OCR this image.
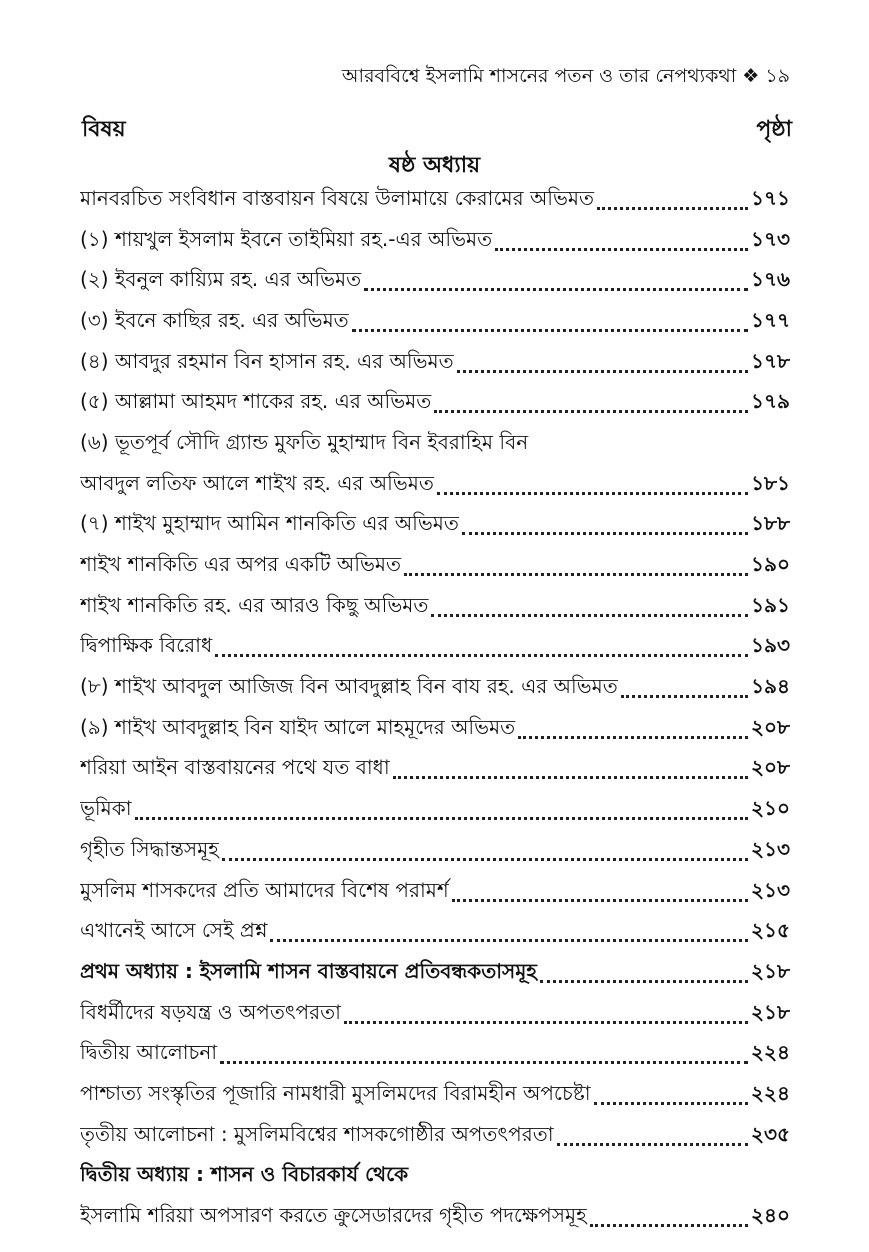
আরববিশ্বে ইসলামি শাসনের পতন ও তার নেপথ্যকথা ❖ ১৯
বিষয়	পৃষ্ঠা
ষষ্ঠ অধ্যায়
মানবরচিত সংবিধান বাস্তবায়ন বিষয়ে উলামায়ে কেরামের অভিমত	১৭১
(১) শায়খুল ইসলাম ইবনে তাইমিয়া রহ.-এর অভিমত	১৭৩
(২) ইবনুল কায়্যিম রহ. এর অভিমত	১৭৬
(৩) ইবনে কাছির রহ. এর অভিমত	১৭৭
(৪) আবদুর রহমান বিন হাসান রহ. এর অভিমত	১৭৮
(৫) আল্লামা আহমদ শাকের রহ. এর অভিমত	১৭৯
(৬) ভূতপূর্ব সৌদি গ্র্যান্ড মুফতি মুহাম্মাদ বিন ইবরাহিম বিন
আবদুল লতিফ আলে শাইখ রহ. এর অভিমত	১৮১
(৭) শাইখ মুহাম্মাদ আমিন শানকিতি এর অভিমত	১৮৮
শাইখ শানকিতি এর অপর একটি অভিমত	১৯০
শাইখ শানকিতি রহ. এর আরও কিছু অভিমত	১৯১
দ্বিপাক্ষিক বিরোধ	১৯৩
(৮) শাইখ আবদুল আজিজ বিন আবদুল্লাহ বিন বায রহ. এর অভিমত	১৯৪
(৯) শাইখ আবদুল্লাহ বিন যাইদ আলে মাহমূদের অভিমত	২০৮
শরিয়া আইন বাস্তবায়নের পথে যত বাধা	২০৮
ভূমিকা	২১০
গৃহীত সিদ্ধান্তসমূহ	২১৩
মুসলিম শাসকদের প্রতি আমাদের বিশেষ পরামর্শ	২১৩
এখানেই আসে সেই প্রশ্ন	২১৫
প্রথম অধ্যায় : ইসলামি শাসন বাস্তবায়নে প্রতিবন্ধকতাসমূহ	২১৮
বিধর্মীদের ষড়যন্ত্র ও অপতৎপরতা	২১৮
দ্বিতীয় আলোচনা	২২৪
পাশ্চাত্য সংস্কৃতির পূজারি নামধারী মুসলিমদের বিরামহীন অপচেষ্টা	২২৪
তৃতীয় আলোচনা : মুসলিমবিশ্বের শাসকগোষ্ঠীর অপতৎপরতা	২৩৫
দ্বিতীয় অধ্যায় : শাসন ও বিচারকার্য থেকে
ইসলামি শরিয়া অপসারণ করতে ক্রুসেডারদের গৃহীত পদক্ষেপসমূহ	২৪০
